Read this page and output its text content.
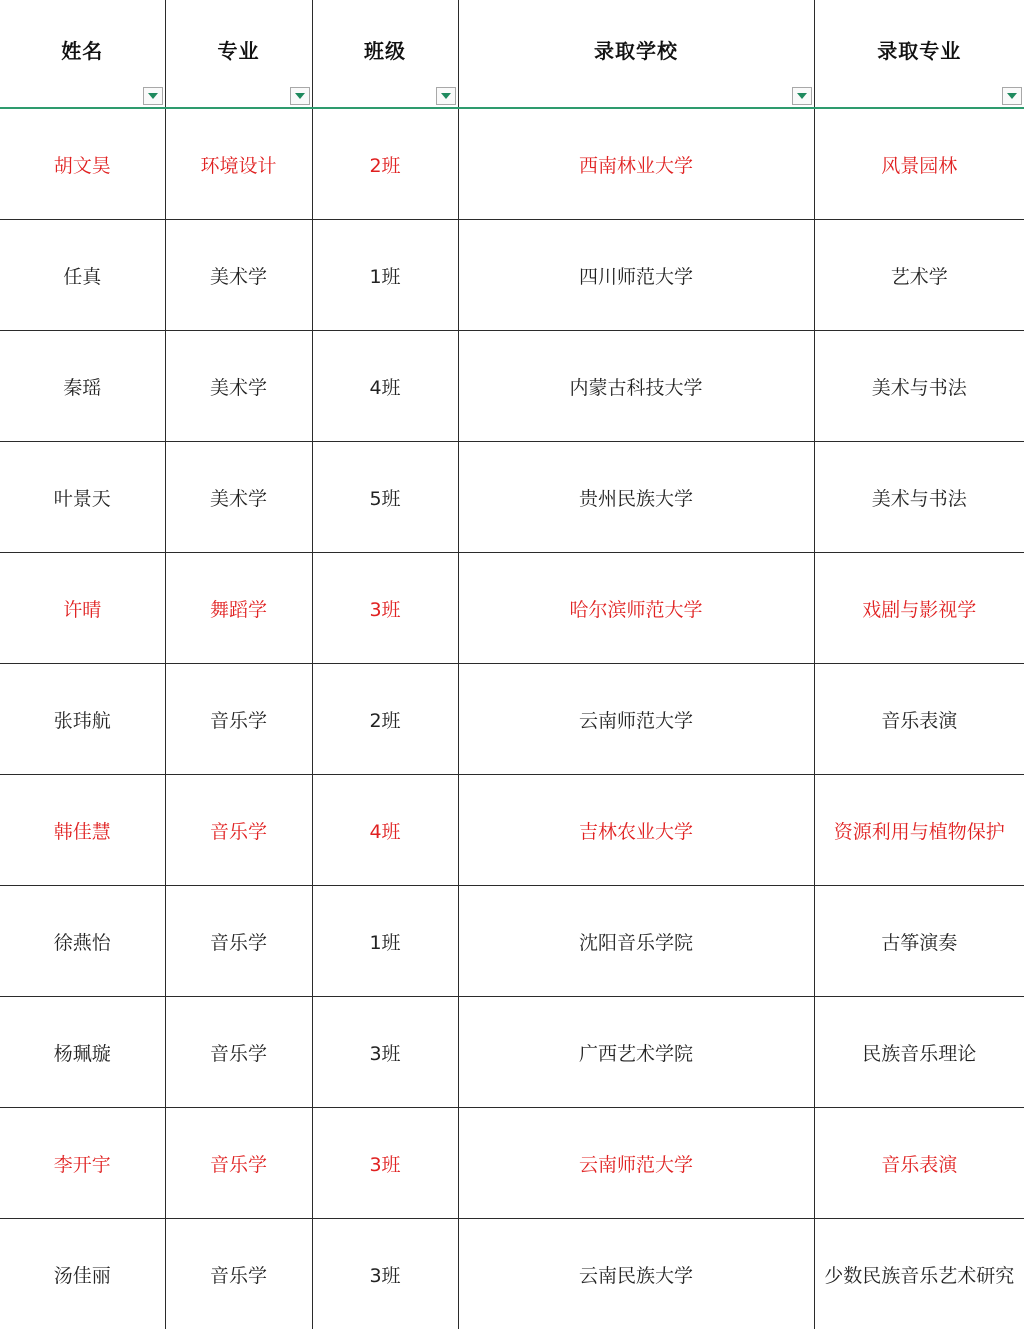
姓名	专业	班级	录取学校	录取专业

胡文昊	环境设计	2班	西南林业大学	风景园林
任真	美术学	1班	四川师范大学	艺术学
秦瑶	美术学	4班	内蒙古科技大学	美术与书法
叶景天	美术学	5班	贵州民族大学	美术与书法
许晴	舞蹈学	3班	哈尔滨师范大学	戏剧与影视学
张玮航	音乐学	2班	云南师范大学	音乐表演
韩佳慧	音乐学	4班	吉林农业大学	资源利用与植物保护
徐燕怡	音乐学	1班	沈阳音乐学院	古筝演奏
杨珮璇	音乐学	3班	广西艺术学院	民族音乐理论
李开宇	音乐学	3班	云南师范大学	音乐表演
汤佳丽	音乐学	3班	云南民族大学	少数民族音乐艺术研究
